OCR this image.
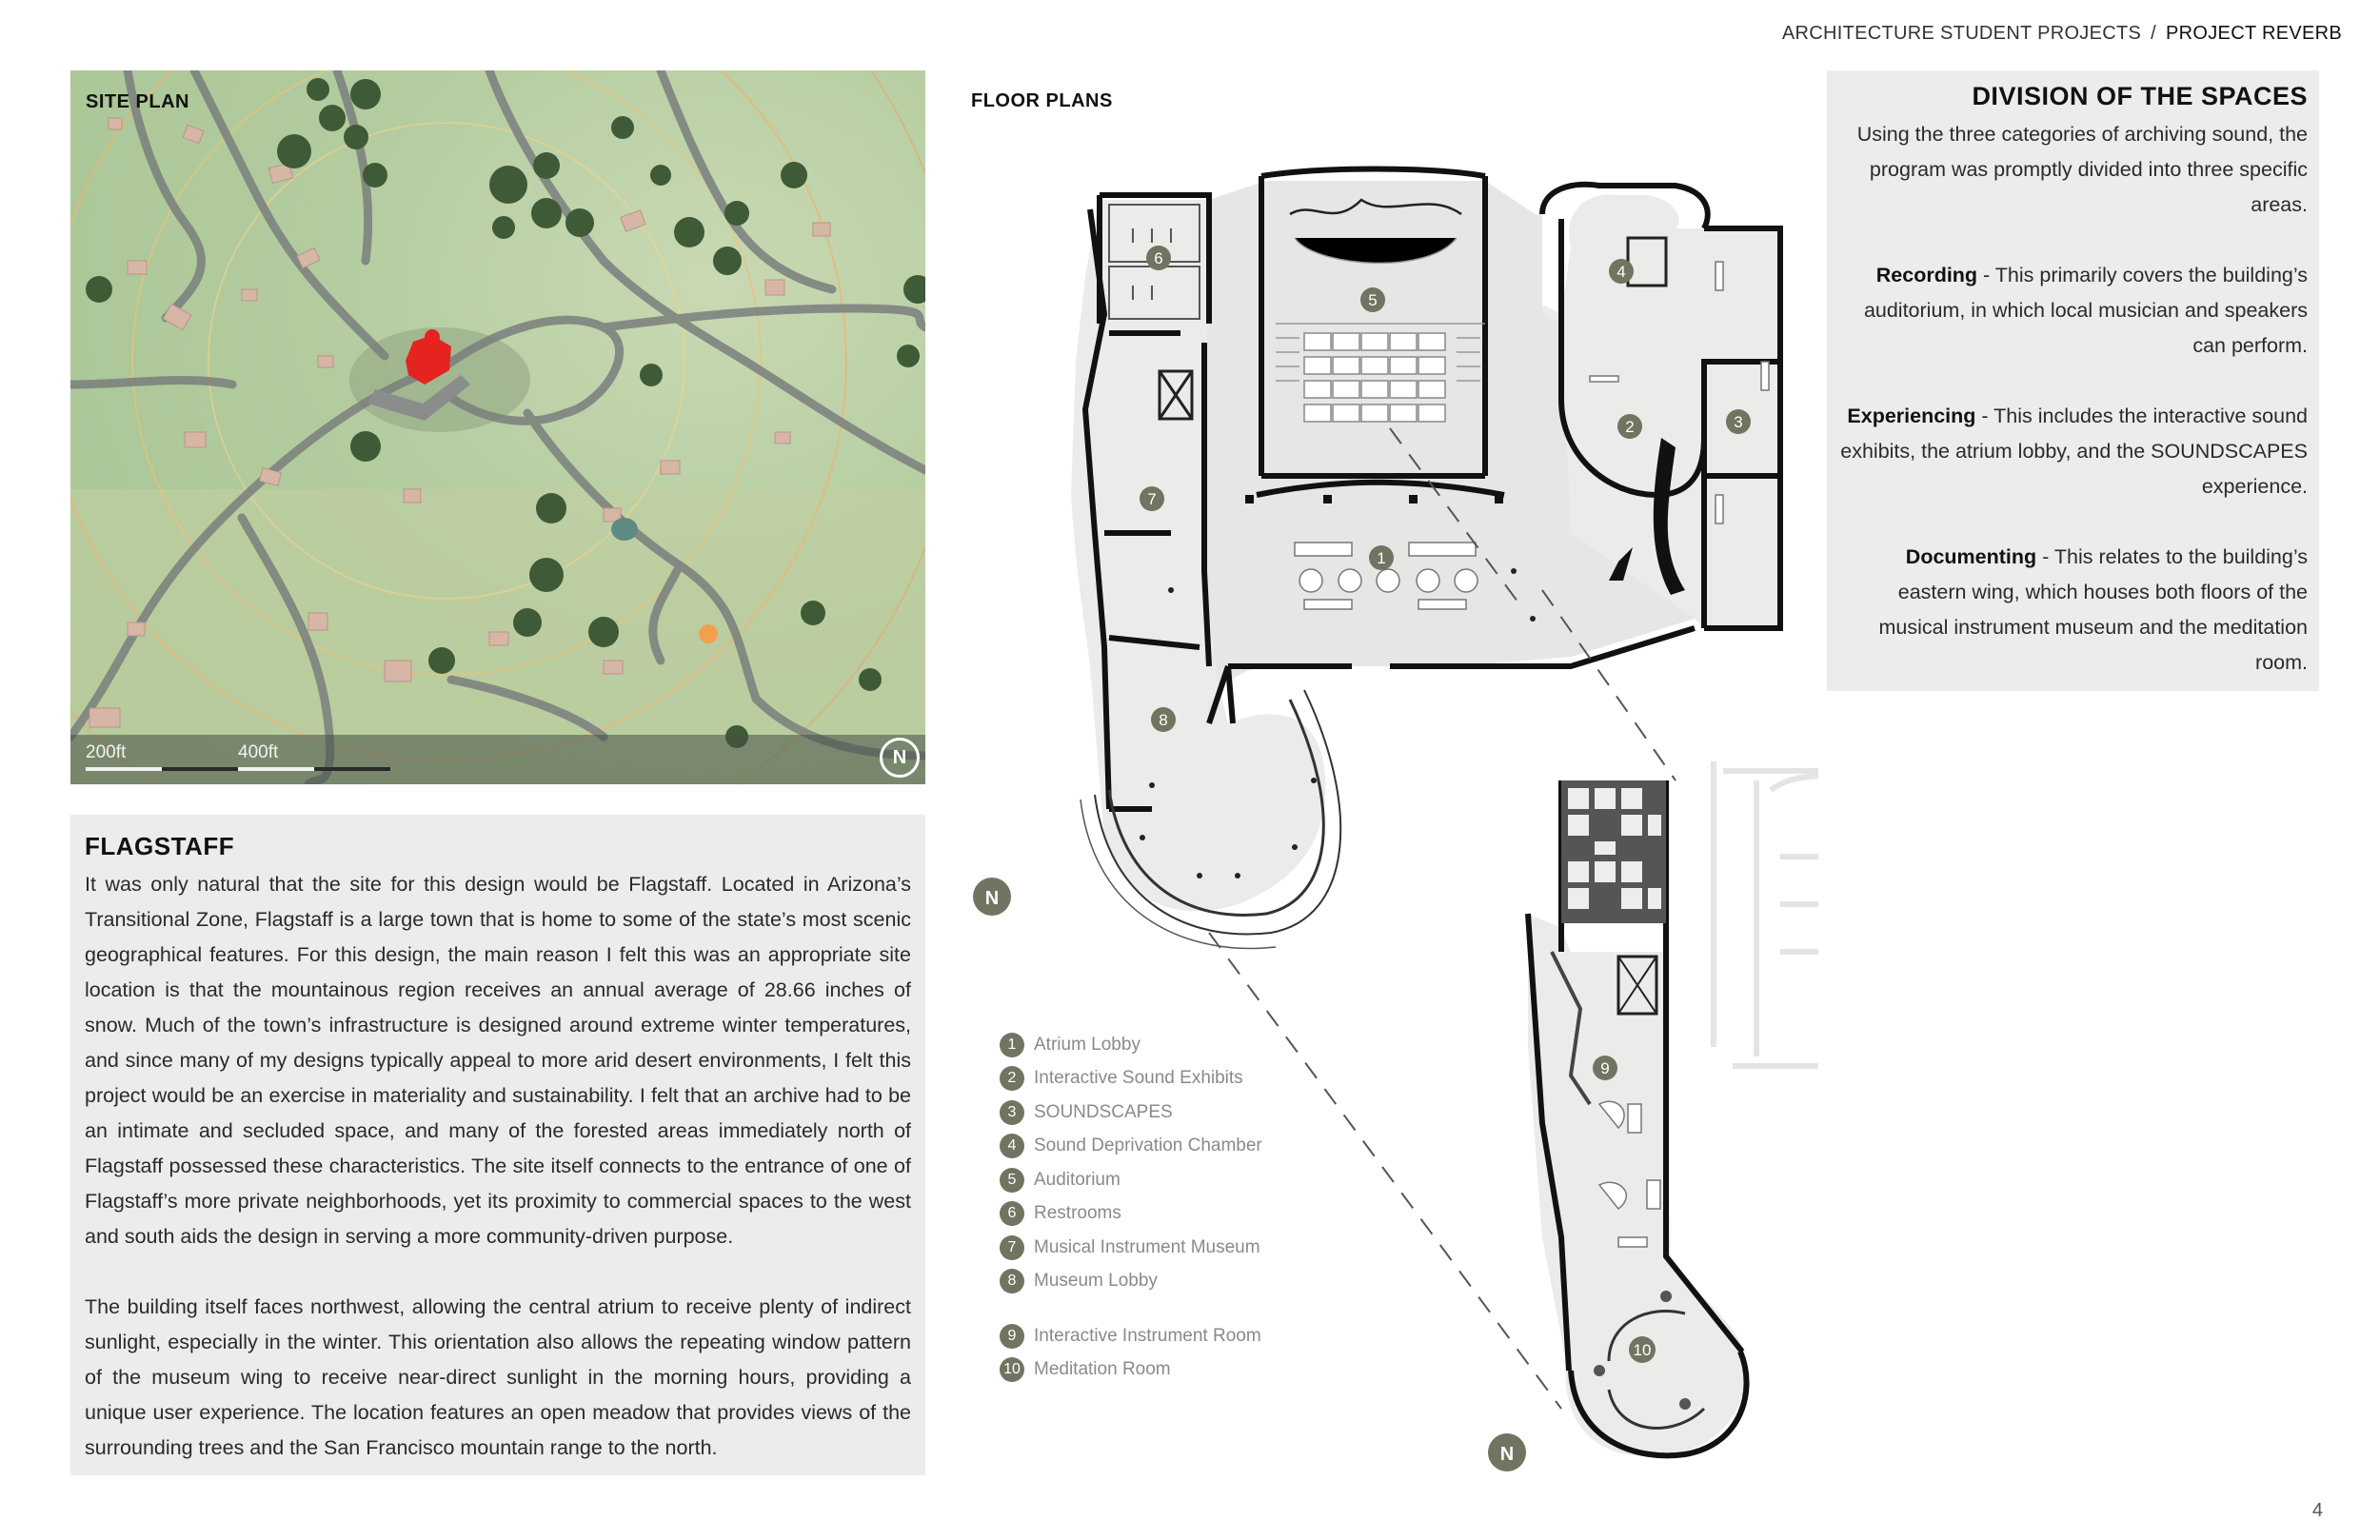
ARCHITECTURE STUDENT PROJECTS / PROJECT REVERB
SITE PLAN
200ft	400ft	N
FLAGSTAFF

It was only natural that the site for this design would be Flagstaff. Located in Arizona’s Transitional Zone, Flagstaff is a large town that is home to some of the state’s most scenic geographical features. For this design, the main reason I felt this was an appropriate site location is that the mountainous region receives an annual average of 28.66 inches of snow. Much of the town’s infrastructure is designed around extreme winter temperatures, and since many of my designs typically appeal to more arid desert environments, I felt this project would be an exercise in materiality and sustainability. I felt that an archive had to be an intimate and secluded space, and many of the forested areas immediately north of Flagstaff possessed these characteristics. The site itself connects to the entrance of one of Flagstaff’s more private neighborhoods, yet its proximity to commercial spaces to the west and south aids the design in serving a more community-driven purpose.

The building itself faces northwest, allowing the central atrium to receive plenty of indirect sunlight, especially in the winter. This orientation also allows the repeating window pattern of the museum wing to receive near-direct sunlight in the morning hours, providing a unique user experience. The location features an open meadow that provides views of the surrounding trees and the San Francisco mountain range to the north.

FLOOR PLANS
1
2	3
4
5
6
7
8
9
10
N
N
DIVISION OF THE SPACES

Using the three categories of archiving sound, the program was promptly divided into three specific areas.

Recording - This primarily covers the building’s auditorium, in which local musician and speakers can perform.

Experiencing - This includes the interactive sound exhibits, the atrium lobby, and the SOUNDSCAPES experience.

Documenting - This relates to the building’s eastern wing, which houses both floors of the musical instrument museum and the meditation room.

1 Atrium Lobby
2 Interactive Sound Exhibits
3 SOUNDSCAPES
4 Sound Deprivation Chamber
5 Auditorium
6 Restrooms
7 Musical Instrument Museum
8 Museum Lobby
9 Interactive Instrument Room
10 Meditation Room
4
